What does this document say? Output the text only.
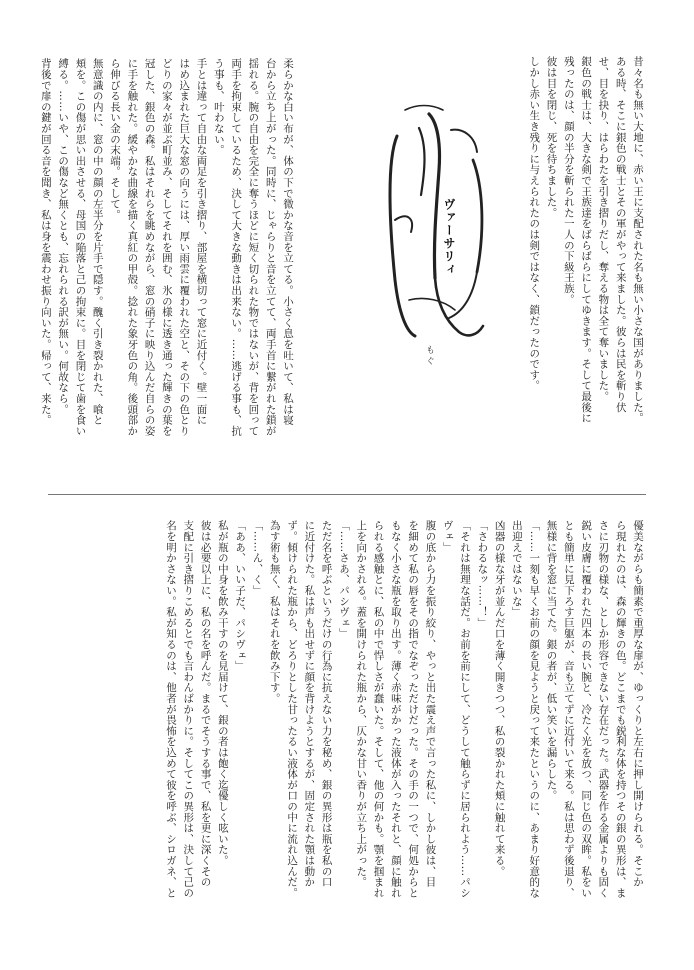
昔々名も無い大地に、赤い王に支配された名も無い小さな国がありました。

ある時、そこに銀色の戦士とその軍がやって来ました。彼らは民を斬り伏

せ、目を抉り、はらわたを引き摺りだし、奪える物は全て奪いました。

銀色の戦士は、大きな剣で王族達をばらばらにしてゆきます。そして最後に

残ったのは、顔の半分を斬られた一人の下級王族。

彼は目を閉じ、死を待ちました。

しかし赤い生き残りに与えられたのは剣ではなく、鎖だったのです。

ヴァーサリィ
もぐ

柔らかな白い布が、体の下で微かな音を立てる。小さく息を吐いて、私は寝

台から立ち上がった。同時に、じゃらりと音を立てて、両手首に繋がれた鎖が

揺れる。腕の自由を完全に奪うほどに短く切られた物ではないが、背を回って

両手を拘束しているため、決して大きな動きは出来ない。……逃げる事も、抗

う事も、叶わない。

手とは違って自由な両足を引き摺り、部屋を横切って窓に近付く。壁一面に

はめ込まれた巨大な窓の向うには、厚い雨雲に覆われた空と、その下の色とり

どりの家々が並ぶ町並み、そしてそれを囲む、氷の様に透き通った輝きの葉を

冠した、銀色の森。私はそれらを眺めながら、窓の硝子に映り込んだ自らの姿

に手を触れた。緩やかな曲線を描く真紅の甲殻。捻れた象牙色の角。後頭部か

ら伸びる長い金の末端。そして。

無意識の内に、窓の中の顔の左半分を片手で隠す。醜く引き裂かれた、喰と

頬を。この傷が思い出させる、母国の陥落と己の拘束に。目を閉じて歯を食い

縛る。……いや、この傷など無くとも、忘れられる訳が無い。何故なら。

背後で扉の鍵が回る音を聞き、私は身を震わせ振り向いた。帰って、来た。

優美ながらも簡素で重厚な扉が、ゆっくりと左右に押し開けられる。そこか

ら現れたのは、森の輝きの色。どこまでも鋭利な体を持つその銀の異形は、ま

さに刃物の様な、としか形容できない存在だった。武器を作る金属よりも固く

鋭い皮膚に覆われた四本の長い腕と、冷たく光を放つ、同じ色の双眸。私をい

とも簡単に見下ろす巨躯が、音も立てずに近付いて来る。私は思わず後退り、

無様に背を窓に当てた。銀の者が、低い笑いを漏らした。

「……一刻も早くお前の顔を見ようと戻って来たというのに、あまり好意的な

出迎えではないな」

凶器の様な牙が並んだ口を薄く開きつつ、私の裂かれた頬に触れて来る。

「さわるなッ……！」

「それは無理な話だ。お前を前にして、どうして触らずに居られよう……パシ

ヴェ」

腹の底から力を振り絞り、やっと出た震え声で言った私に、しかし彼は、目

を細めて私の唇をその指でなぞっただけだった。その手の一つで、何処からと

もなく小さな瓶を取り出す。薄く赤味がかった液体が入ったそれと、顔に触れ

られる感触とに、私の中で悍しさが蠢いた。そして、他の何かも。顎を掴まれ

上を向かされる。蓋を開けられた瓶から、仄かな甘い香りが立ち上がった。

「……さあ、パシヴェ」

ただ名を呼ぶというだけの行為に抗えない力を秘め、銀の異形は瓶を私の口

に近付けた。私は声も出せずに顔を背けようとするが、固定された顎は動か

ず。傾けられた瓶から、どろりとした甘ったるい液体が口の中に流れ込んだ。

為す術も無く、私はそれを飲み下す。

「……ん、く」

「ああ、いい子だ、パシヴェ」

私が瓶の中身を飲み干すのを見届けて、銀の者は飽く迄優しく呟いた。

彼は必要以上に、私の名を呼んだ。まるでそうする事で、私を更に深くその

支配に引き摺りこめるとでも言わんばかりに。そしてこの異形は、決して己の

名を明かさない。私が知るのは、他者が畏怖を込めて彼を呼ぶ、シロガネ、と
